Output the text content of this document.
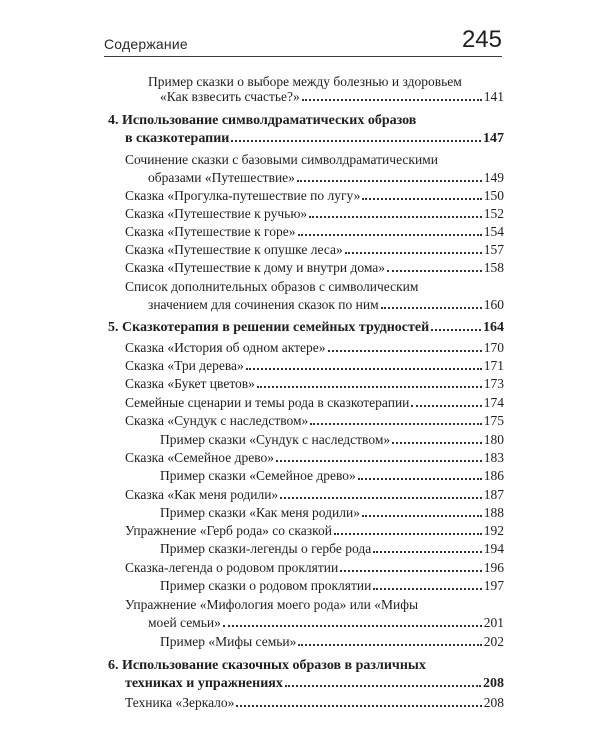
Содержание	245
Пример сказки о выборе между болезнью и здоровьем
«Как взвесить счастье?»	141
4. Использование символдраматических образов
в сказкотерапии	147
Сочинение сказки с базовыми символдраматическими
образами «Путешествие»	149
Сказка «Прогулка-путешествие по лугу»	150
Сказка «Путешествие к ручью»	152
Сказка «Путешествие к горе»	154
Сказка «Путешествие к опушке леса»	157
Сказка «Путешествие к дому и внутри дома»	158
Список дополнительных образов с символическим
значением для сочинения сказок по ним	160
5. Сказкотерапия в решении семейных трудностей	164
Сказка «История об одном актере»	170
Сказка «Три дерева»	171
Сказка «Букет цветов»	173
Семейные сценарии и темы рода в сказкотерапии	174
Сказка «Сундук с наследством»	175
Пример сказки «Сундук с наследством»	180
Сказка «Семейное древо»	183
Пример сказки «Семейное древо»	186
Сказка «Как меня родили»	187
Пример сказки «Как меня родили»	188
Упражнение «Герб рода» со сказкой	192
Пример сказки-легенды о гербе рода	194
Сказка-легенда о родовом проклятии	196
Пример сказки о родовом проклятии	197
Упражнение «Мифология моего рода» или «Мифы
моей семьи»	201
Пример «Мифы семьи»	202
6. Использование сказочных образов в различных
техниках и упражнениях	208
Техника «Зеркало»	208
